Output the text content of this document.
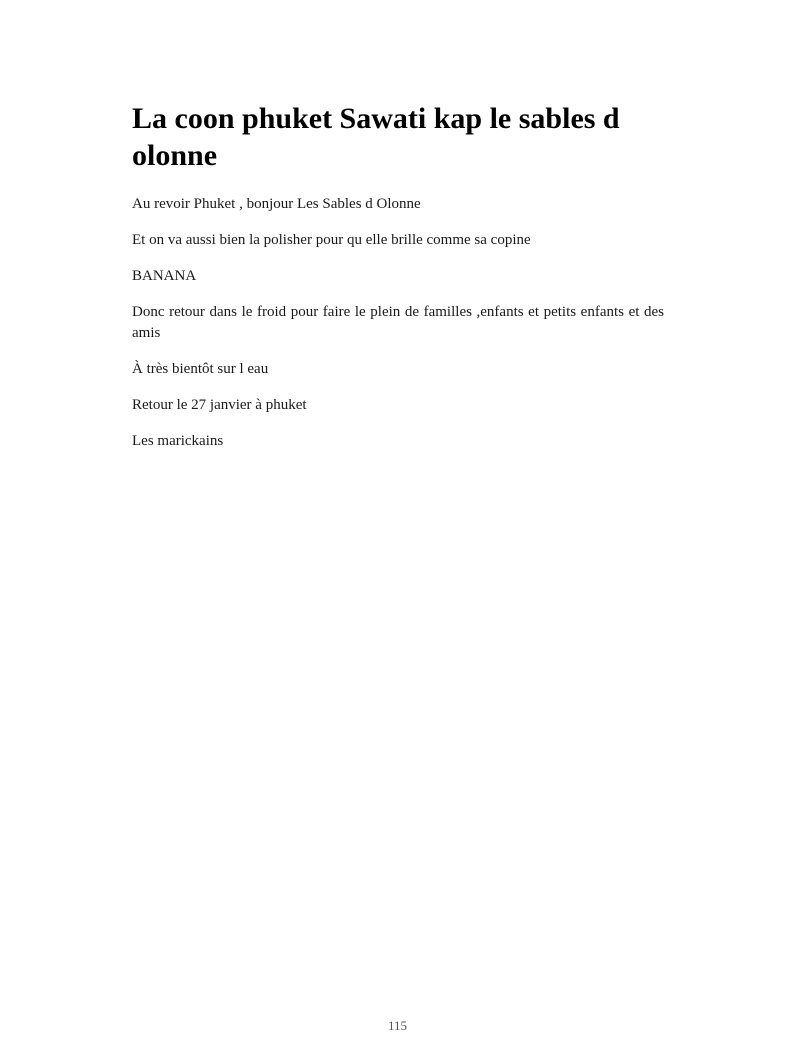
La coon phuket Sawati kap le sables d olonne

Au revoir Phuket , bonjour Les Sables d Olonne

Et on va aussi bien la polisher pour qu elle brille comme sa copine

BANANA

Donc retour dans le froid pour faire le plein de familles ,enfants et petits enfants et des amis

À très bientôt sur l eau

Retour le 27 janvier à phuket

Les marickains

115
